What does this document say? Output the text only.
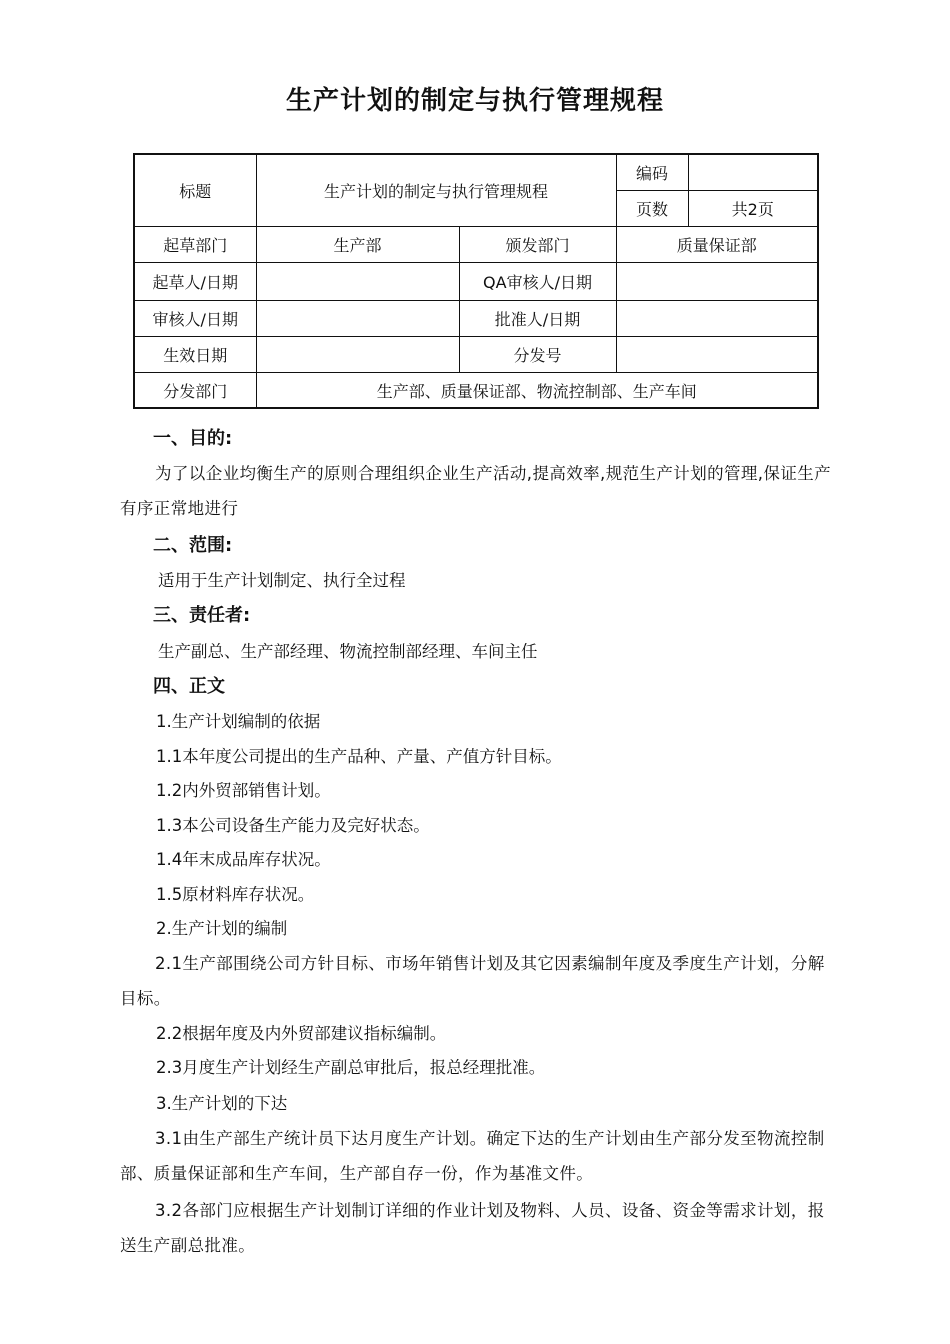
生产计划的制定与执行管理规程
标题	生产计划的制定与执行管理规程		编码	
			页数	共2页
起草部门	生产部	颁发部门	质量保证部	
起草人/日期		QA审核人/日期		
审核人/日期		批准人/日期		
生效日期		分发号		
分发部门	生产部、质量保证部、物流控制部、生产车间			
一、目的:
为了以企业均衡生产的原则合理组织企业生产活动,提高效率,规范生产计划的管理,保证生产有序正常地进行
二、范围:
适用于生产计划制定、执行全过程
三、责任者:
生产副总、生产部经理、物流控制部经理、车间主任
四、正文
1.生产计划编制的依据
1.1本年度公司提出的生产品种、产量、产值方针目标。
1.2内外贸部销售计划。
1.3本公司设备生产能力及完好状态。
1.4年末成品库存状况。
1.5原材料库存状况。
2.生产计划的编制
2.1生产部围绕公司方针目标、市场年销售计划及其它因素编制年度及季度生产计划，分解目标。
2.2根据年度及内外贸部建议指标编制。
2.3月度生产计划经生产副总审批后，报总经理批准。
3.生产计划的下达
3.1由生产部生产统计员下达月度生产计划。确定下达的生产计划由生产部分发至物流控制部、质量保证部和生产车间，生产部自存一份，作为基准文件。
3.2各部门应根据生产计划制订详细的作业计划及物料、人员、设备、资金等需求计划，报送生产副总批准。
